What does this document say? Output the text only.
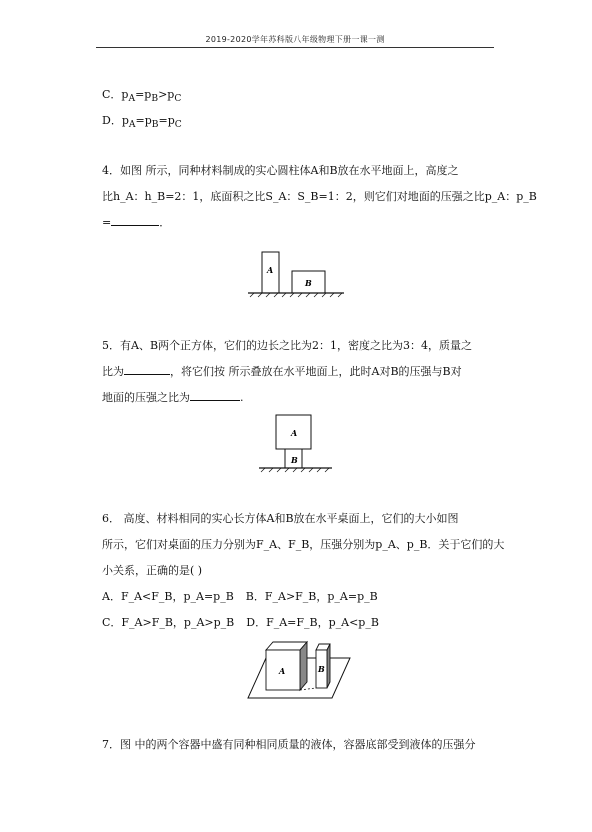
2019-2020学年苏科版八年级物理下册一课一测
C．$p_A=p_B>p_C$
D．$p_A=p_B=p_C$
4．如图 所示，同种材料制成的实心圆柱体A和B放在水平地面上，高度之
比h_A：h_B=2：1，底面积之比S_A：S_B=1：2，则它们对地面的压强之比p_A：p_B
=	．
A
B
5．有A、B两个正方体，它们的边长之比为2：1，密度之比为3：4，质量之
比为	，将它们按 所示叠放在水平地面上，此时A对B的压强与B对
地面的压强之比为	.
A
B
6． 高度、材料相同的实心长方体A和B放在水平桌面上，它们的大小如图
所示，它们对桌面的压力分别为F_A、F_B，压强分别为p_A、p_B．关于它们的大
小关系，正确的是( )
A．F_A<F_B，p_A=p_B B．F_A>F_B，p_A=p_B
C．F_A>F_B，p_A>p_B D．F_A=F_B，p_A<p_B
A	B
7．图 中的两个容器中盛有同种相同质量的液体，容器底部受到液体的压强分
